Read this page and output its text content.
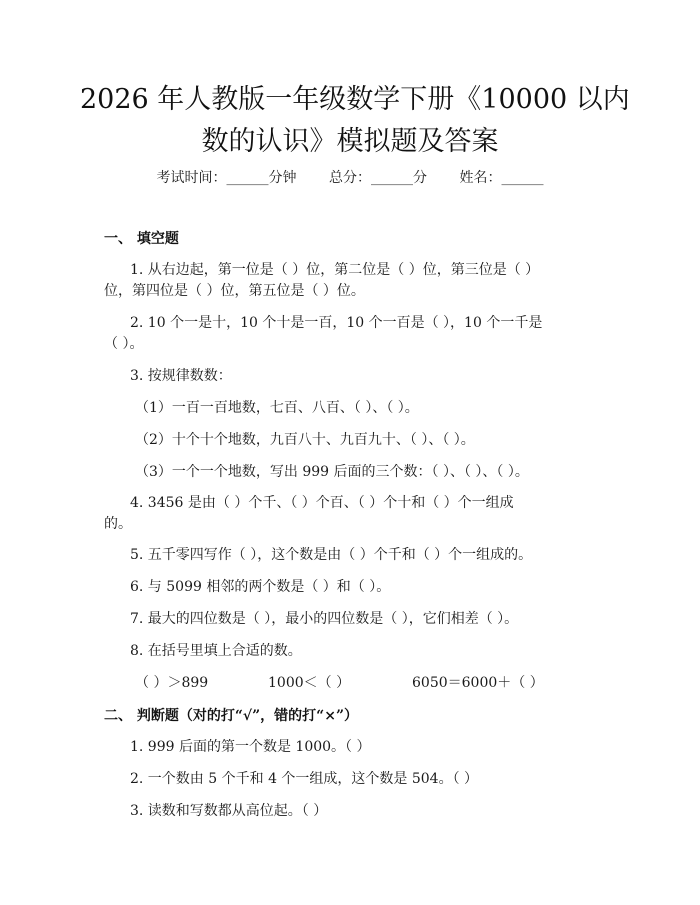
2026 年人教版一年级数学下册《10000 以内
数的认识》模拟题及答案
考试时间：______分钟 总分：______分 姓名：______
一、 填空题
1. 从右边起，第一位是（ ）位，第二位是（ ）位，第三位是（ ）
位，第四位是（ ）位，第五位是（ ）位。
2. 10 个一是十，10 个十是一百，10 个一百是（ ），10 个一千是
（ ）。
3. 按规律数数：
（1）一百一百地数，七百、八百、（ ）、（ ）。
（2）十个十个地数，九百八十、九百九十、（ ）、（ ）。
（3）一个一个地数，写出 999 后面的三个数：（ ）、（ ）、（ ）。
4. 3456 是由（ ）个千、（ ）个百、（ ）个十和（ ）个一组成
的。
5. 五千零四写作（ ），这个数是由（ ）个千和（ ）个一组成的。
6. 与 5099 相邻的两个数是（ ）和（ ）。
7. 最大的四位数是（ ），最小的四位数是（ ），它们相差（ ）。
8. 在括号里填上合适的数。
（ ）＞899	1000＜（ ）	6050＝6000＋（ ）
二、 判断题（对的打“√”，错的打“×”）
1. 999 后面的第一个数是 1000。（ ）
2. 一个数由 5 个千和 4 个一组成，这个数是 504。（ ）
3. 读数和写数都从高位起。（ ）
